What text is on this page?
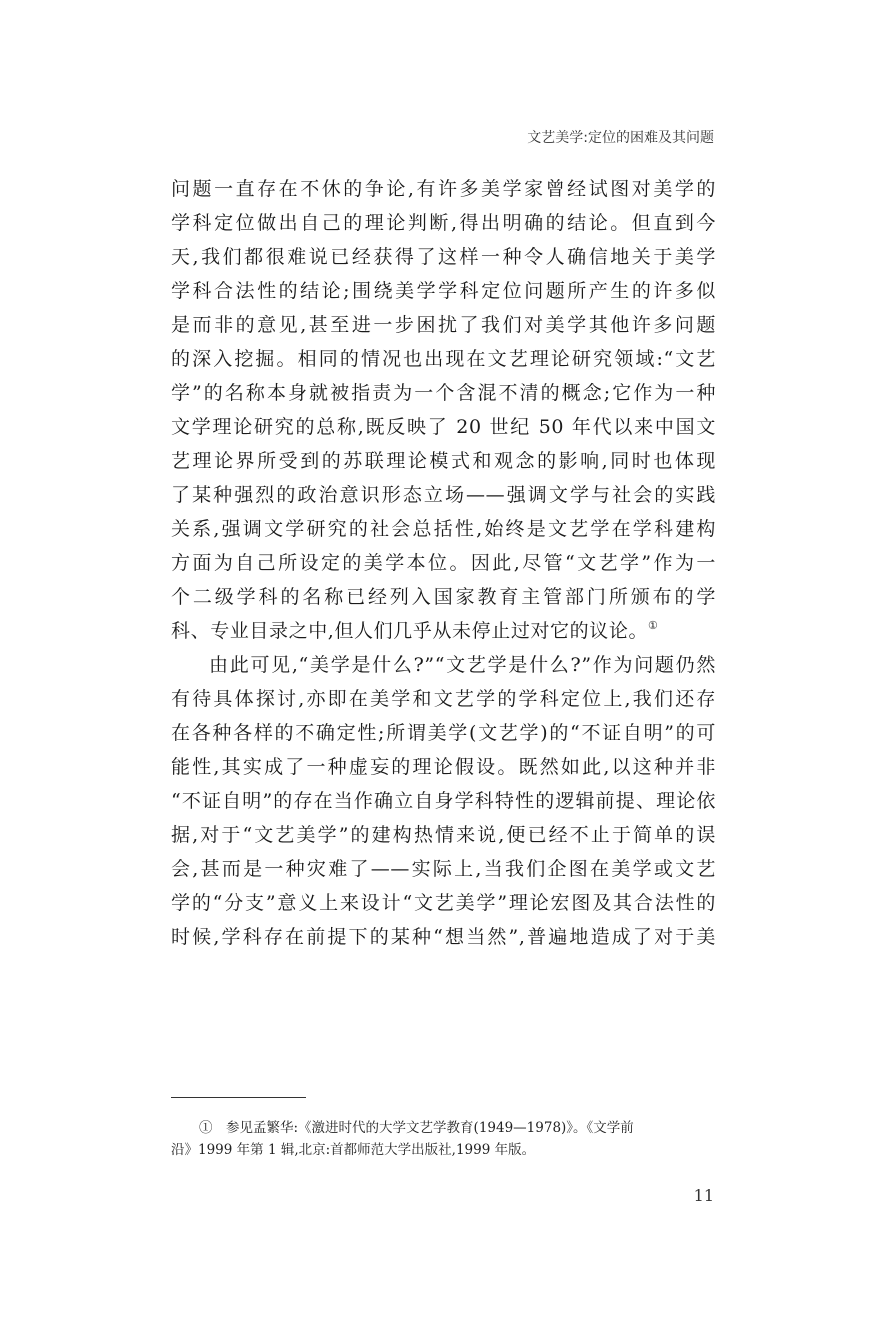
文艺美学:定位的困难及其问题
问题一直存在不休的争论,有许多美学家曾经试图对美学的
学科定位做出自己的理论判断,得出明确的结论。但直到今
天,我们都很难说已经获得了这样一种令人确信地关于美学
学科合法性的结论;围绕美学学科定位问题所产生的许多似
是而非的意见,甚至进一步困扰了我们对美学其他许多问题
的深入挖掘。相同的情况也出现在文艺理论研究领域:“文艺
学”的名称本身就被指责为一个含混不清的概念;它作为一种
文学理论研究的总称,既反映了 20 世纪 50 年代以来中国文
艺理论界所受到的苏联理论模式和观念的影响,同时也体现
了某种强烈的政治意识形态立场——强调文学与社会的实践
关系,强调文学研究的社会总括性,始终是文艺学在学科建构
方面为自己所设定的美学本位。因此,尽管“文艺学”作为一
个二级学科的名称已经列入国家教育主管部门所颁布的学
科、专业目录之中,但人们几乎从未停止过对它的议论。①
由此可见,“美学是什么?”“文艺学是什么?”作为问题仍然
有待具体探讨,亦即在美学和文艺学的学科定位上,我们还存
在各种各样的不确定性;所谓美学(文艺学)的“不证自明”的可
能性,其实成了一种虚妄的理论假设。既然如此,以这种并非
“不证自明”的存在当作确立自身学科特性的逻辑前提、理论依
据,对于“文艺美学”的建构热情来说,便已经不止于简单的误
会,甚而是一种灾难了——实际上,当我们企图在美学或文艺
学的“分支”意义上来设计“文艺美学”理论宏图及其合法性的
时候,学科存在前提下的某种“想当然”,普遍地造成了对于美
①　参见孟繁华:《激进时代的大学文艺学教育(1949—1978)》。《文学前
沿》1999 年第 1 辑,北京:首都师范大学出版社,1999 年版。
11
